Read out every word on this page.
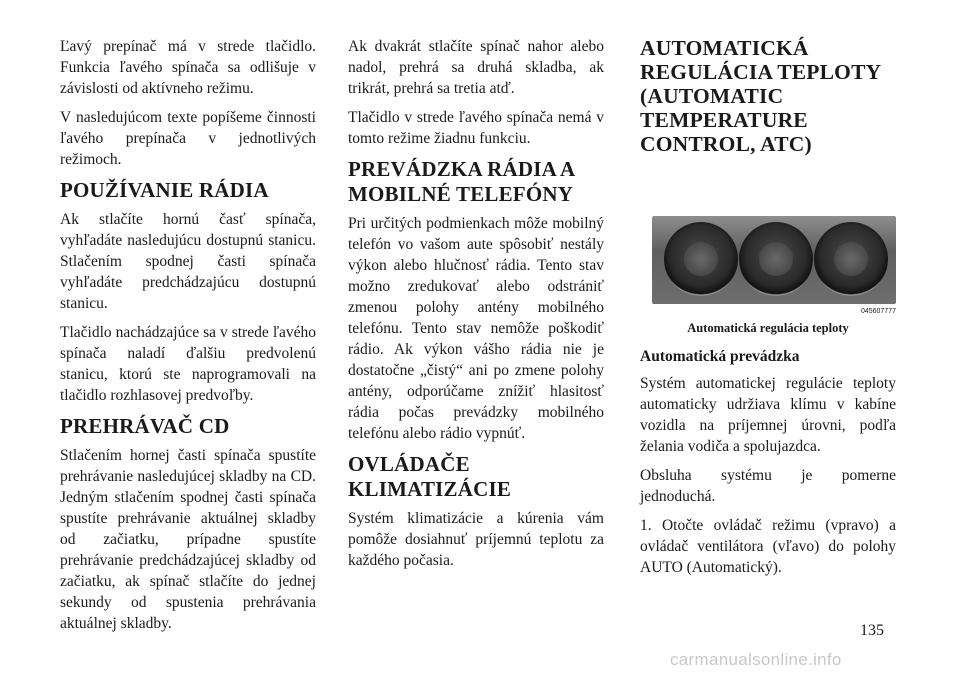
Ľavý prepínač má v strede tlačidlo. Funkcia ľavého spínača sa odlišuje v závislosti od aktívneho režimu.

V nasledujúcom texte popíšeme činnosti ľavého prepínača v jednotlivých režimoch.

POUŽÍVANIE RÁDIA

Ak stlačíte hornú časť spínača, vyhľadáte nasledujúcu dostupnú stanicu. Stlačením spodnej časti spínača vyhľadáte predchádzajúcu dostupnú stanicu.

Tlačidlo nachádzajúce sa v strede ľavého spínača naladí ďalšiu predvolenú stanicu, ktorú ste naprogramovali na tlačidlo rozhlasovej predvoľby.

PREHRÁVAČ CD

Stlačením hornej časti spínača spustíte prehrávanie nasledujúcej skladby na CD. Jedným stlačením spodnej časti spínača spustíte prehrávanie aktuálnej skladby od začiatku, prípadne spustíte prehrávanie predchádzajúcej skladby od začiatku, ak spínač stlačíte do jednej sekundy od spustenia prehrávania aktuálnej skladby.

Ak dvakrát stlačíte spínač nahor alebo nadol, prehrá sa druhá skladba, ak trikrát, prehrá sa tretia atď.

Tlačidlo v strede ľavého spínača nemá v tomto režime žiadnu funkciu.

PREVÁDZKA RÁDIA A MOBILNÉ TELEFÓNY

Pri určitých podmienkach môže mobilný telefón vo vašom aute spôsobiť nestály výkon alebo hlučnosť rádia. Tento stav možno zredukovať alebo odstrániť zmenou polohy antény mobilného telefónu. Tento stav nemôže poškodiť rádio. Ak výkon vášho rádia nie je dostatočne „čistý“ ani po zmene polohy antény, odporúčame znížiť hlasitosť rádia počas prevádzky mobilného telefónu alebo rádio vypnúť.

OVLÁDAČE KLIMATIZÁCIE

Systém klimatizácie a kúrenia vám pomôže dosiahnuť príjemnú teplotu za každého počasia.

AUTOMATICKÁ REGULÁCIA TEPLOTY (AUTOMATIC TEMPERATURE CONTROL, ATC)
045607777
Automatická regulácia teploty

Automatická prevádzka

Systém automatickej regulácie teploty automaticky udržiava klímu v kabíne vozidla na príjemnej úrovni, podľa želania vodiča a spolujazdca.

Obsluha systému je pomerne jednoduchá.

1. Otočte ovládač režimu (vpravo) a ovládač ventilátora (vľavo) do polohy AUTO (Automatický).

135
carmanualsonline.info
